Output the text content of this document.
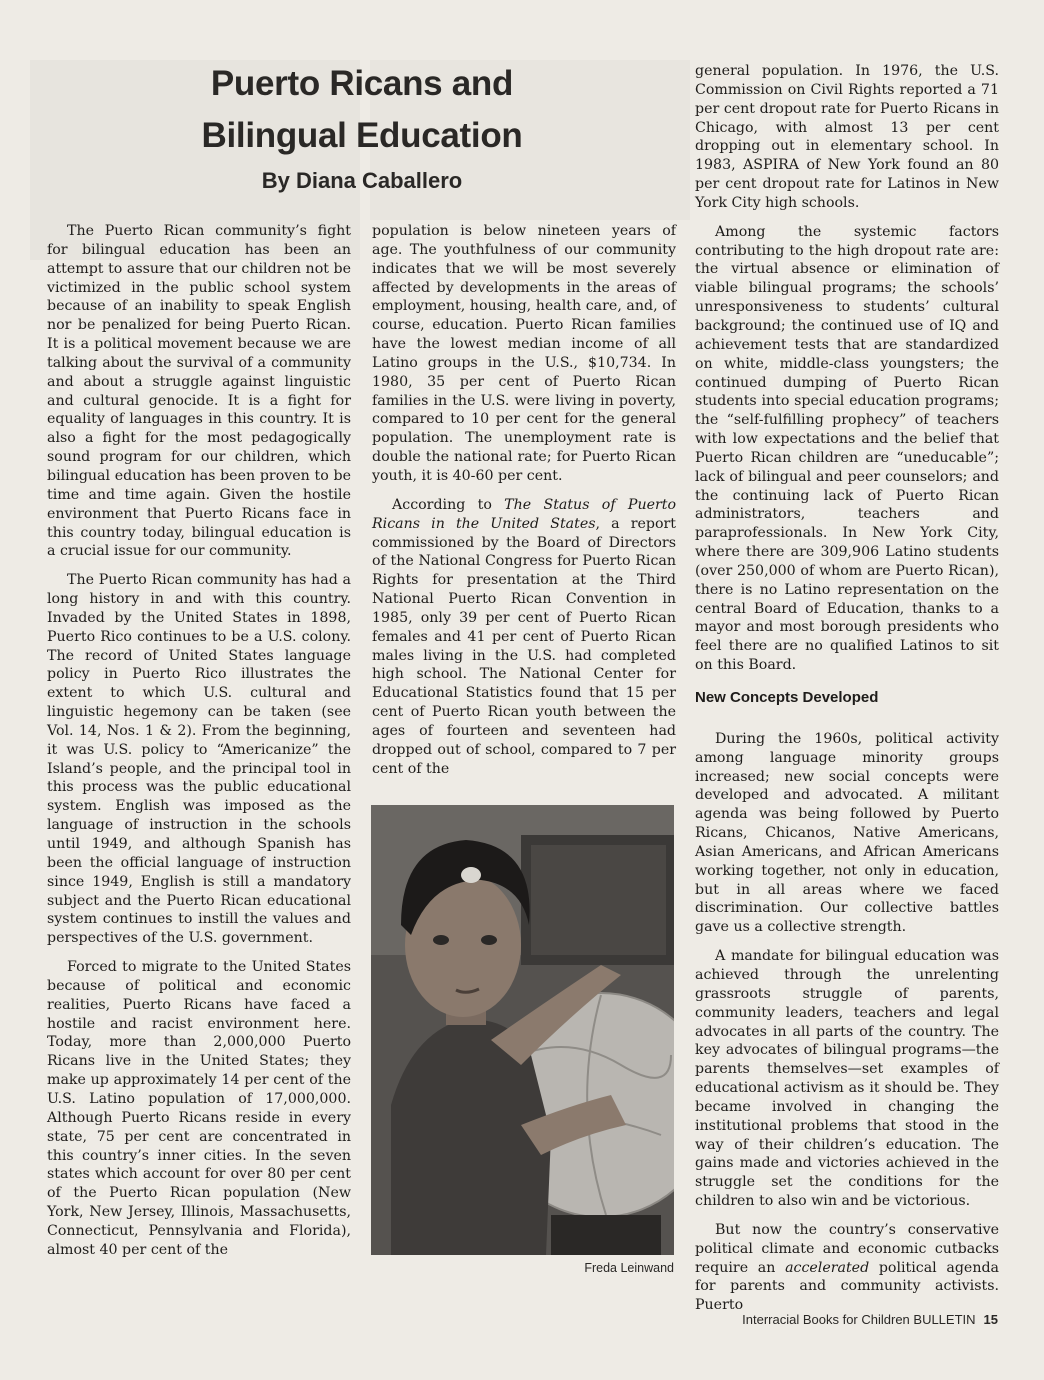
Puerto Ricans and
Bilingual Education
By Diana Caballero

The Puerto Rican community’s fight for bilingual education has been an attempt to assure that our children not be victimized in the public school system because of an inability to speak English nor be penalized for being Puerto Rican. It is a political movement because we are talking about the survival of a community and about a struggle against linguistic and cultural genocide. It is a fight for equality of languages in this country. It is also a fight for the most pedagogically sound program for our children, which bilingual education has been proven to be time and time again. Given the hostile environment that Puerto Ricans face in this country today, bilingual education is a crucial issue for our community.

The Puerto Rican community has had a long history in and with this country. Invaded by the United States in 1898, Puerto Rico continues to be a U.S. colony. The record of United States language policy in Puerto Rico illustrates the extent to which U.S. cultural and linguistic hegemony can be taken (see Vol. 14, Nos. 1 & 2). From the beginning, it was U.S. policy to “Americanize” the Island’s people, and the principal tool in this process was the public educational system. English was imposed as the language of instruction in the schools until 1949, and although Spanish has been the official language of instruction since 1949, English is still a mandatory subject and the Puerto Rican educational system continues to instill the values and perspectives of the U.S. government.

Forced to migrate to the United States because of political and economic realities, Puerto Ricans have faced a hostile and racist environment here. Today, more than 2,000,000 Puerto Ricans live in the United States; they make up approximately 14 per cent of the U.S. Latino population of 17,000,000. Although Puerto Ricans reside in every state, 75 per cent are concentrated in this country’s inner cities. In the seven states which account for over 80 per cent of the Puerto Rican population (New York, New Jersey, Illinois, Massachusetts, Connecticut, Pennsylvania and Florida), almost 40 per cent of the

population is below nineteen years of age. The youthfulness of our community indicates that we will be most severely affected by developments in the areas of employment, housing, health care, and, of course, education. Puerto Rican families have the lowest median income of all Latino groups in the U.S., $10,734. In 1980, 35 per cent of Puerto Rican families in the U.S. were living in poverty, compared to 10 per cent for the general population. The unemployment rate is double the national rate; for Puerto Rican youth, it is 40-60 per cent.

According to The Status of Puerto Ricans in the United States, a report commissioned by the Board of Directors of the National Congress for Puerto Rican Rights for presentation at the Third National Puerto Rican Convention in 1985, only 39 per cent of Puerto Rican females and 41 per cent of Puerto Rican males living in the U.S. had completed high school. The National Center for Educational Statistics found that 15 per cent of Puerto Rican youth between the ages of fourteen and seventeen had dropped out of school, compared to 7 per cent of the

general population. In 1976, the U.S. Commission on Civil Rights reported a 71 per cent dropout rate for Puerto Ricans in Chicago, with almost 13 per cent dropping out in elementary school. In 1983, ASPIRA of New York found an 80 per cent dropout rate for Latinos in New York City high schools.

Among the systemic factors contributing to the high dropout rate are: the virtual absence or elimination of viable bilingual programs; the schools’ unresponsiveness to students’ cultural background; the continued use of IQ and achievement tests that are standardized on white, middle-class youngsters; the continued dumping of Puerto Rican students into special education programs; the “self-fulfilling prophecy” of teachers with low expectations and the belief that Puerto Rican children are “uneducable”; lack of bilingual and peer counselors; and the continuing lack of Puerto Rican administrators, teachers and paraprofessionals. In New York City, where there are 309,906 Latino students (over 250,000 of whom are Puerto Rican), there is no Latino representation on the central Board of Education, thanks to a mayor and most borough presidents who feel there are no qualified Latinos to sit on this Board.

New Concepts Developed

During the 1960s, political activity among language minority groups increased; new social concepts were developed and advocated. A militant agenda was being followed by Puerto Ricans, Chicanos, Native Americans, Asian Americans, and African Americans working together, not only in education, but in all areas where we faced discrimination. Our collective battles gave us a collective strength.

A mandate for bilingual education was achieved through the unrelenting grassroots struggle of parents, community leaders, teachers and legal advocates in all parts of the country. The key advocates of bilingual programs—the parents themselves—set examples of educational activism as it should be. They became involved in changing the institutional problems that stood in the way of their children’s education. The gains made and victories achieved in the struggle set the conditions for the children to also win and be victorious.

But now the country’s conservative political climate and economic cutbacks require an accelerated political agenda for parents and community activists. Puerto

Freda Leinwand
Interracial Books for Children BULLETIN 15
